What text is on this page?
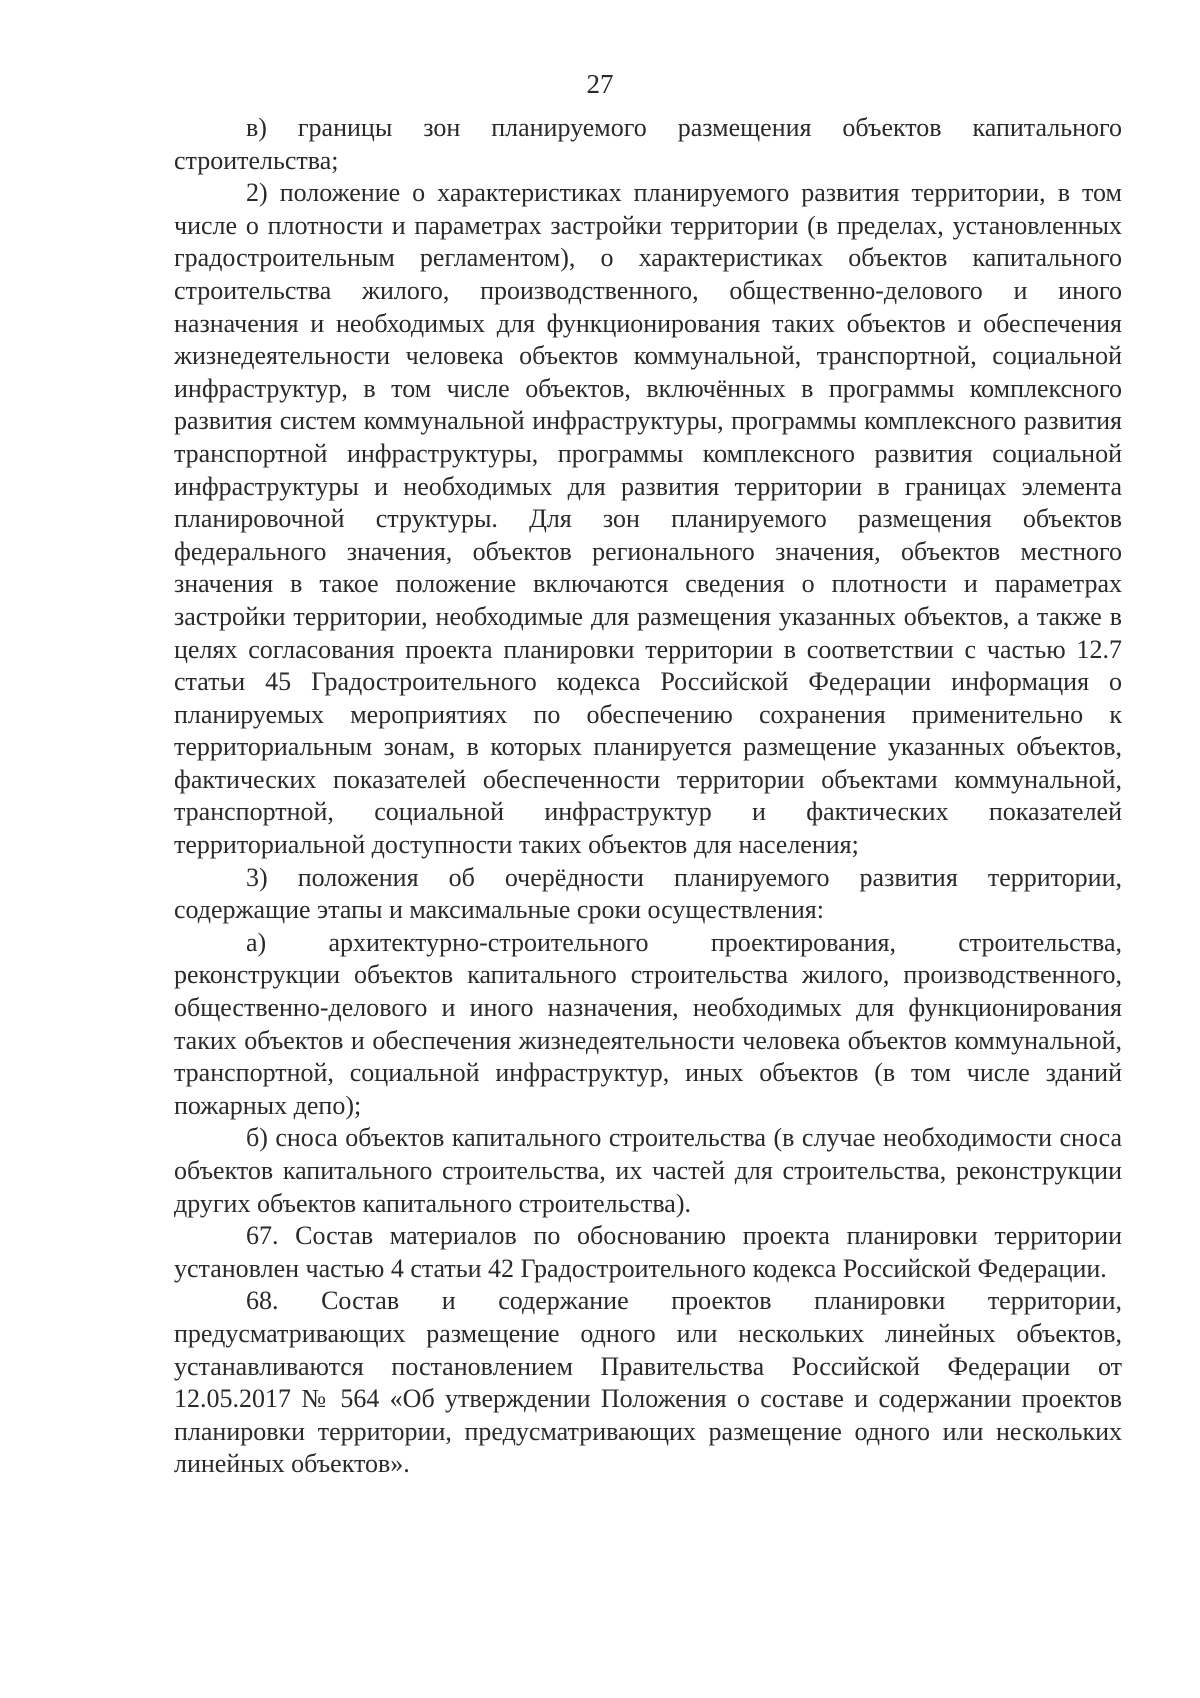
27

в) границы зон планируемого размещения объектов капитального строительства;

2) положение о характеристиках планируемого развития территории, в том числе о плотности и параметрах застройки территории (в пределах, установленных градостроительным регламентом), о характеристиках объектов капитального строительства жилого, производственного, общественно-делового и иного назначения и необходимых для функционирования таких объектов и обеспечения жизнедеятельности человека объектов коммунальной, транспортной, социальной инфраструктур, в том числе объектов, включённых в программы комплексного развития систем коммунальной инфраструктуры, программы комплексного развития транспортной инфраструктуры, программы комплексного развития социальной инфраструктуры и необходимых для развития территории в границах элемента планировочной структуры. Для зон планируемого размещения объектов федерального значения, объектов регионального значения, объектов местного значения в такое положение включаются сведения о плотности и параметрах застройки территории, необходимые для размещения указанных объектов, а также в целях согласования проекта планировки территории в соответствии с частью 12.7 статьи 45 Градостроительного кодекса Российской Федерации информация о планируемых мероприятиях по обеспечению сохранения применительно к территориальным зонам, в которых планируется размещение указанных объектов, фактических показателей обеспеченности территории объектами коммунальной, транспортной, социальной инфраструктур и фактических показателей территориальной доступности таких объектов для населения;

3) положения об очерёдности планируемого развития территории, содержащие этапы и максимальные сроки осуществления:

а) архитектурно-строительного проектирования, строительства, реконструкции объектов капитального строительства жилого, производственного, общественно-делового и иного назначения, необходимых для функционирования таких объектов и обеспечения жизнедеятельности человека объектов коммунальной, транспортной, социальной инфраструктур, иных объектов (в том числе зданий пожарных депо);

б) сноса объектов капитального строительства (в случае необходимости сноса объектов капитального строительства, их частей для строительства, реконструкции других объектов капитального строительства).

67. Состав материалов по обоснованию проекта планировки территории установлен частью 4 статьи 42 Градостроительного кодекса Российской Федерации.

68. Состав и содержание проектов планировки территории, предусматривающих размещение одного или нескольких линейных объектов, устанавливаются постановлением Правительства Российской Федерации от 12.05.2017 № 564 «Об утверждении Положения о составе и содержании проектов планировки территории, предусматривающих размещение одного или нескольких линейных объектов».
